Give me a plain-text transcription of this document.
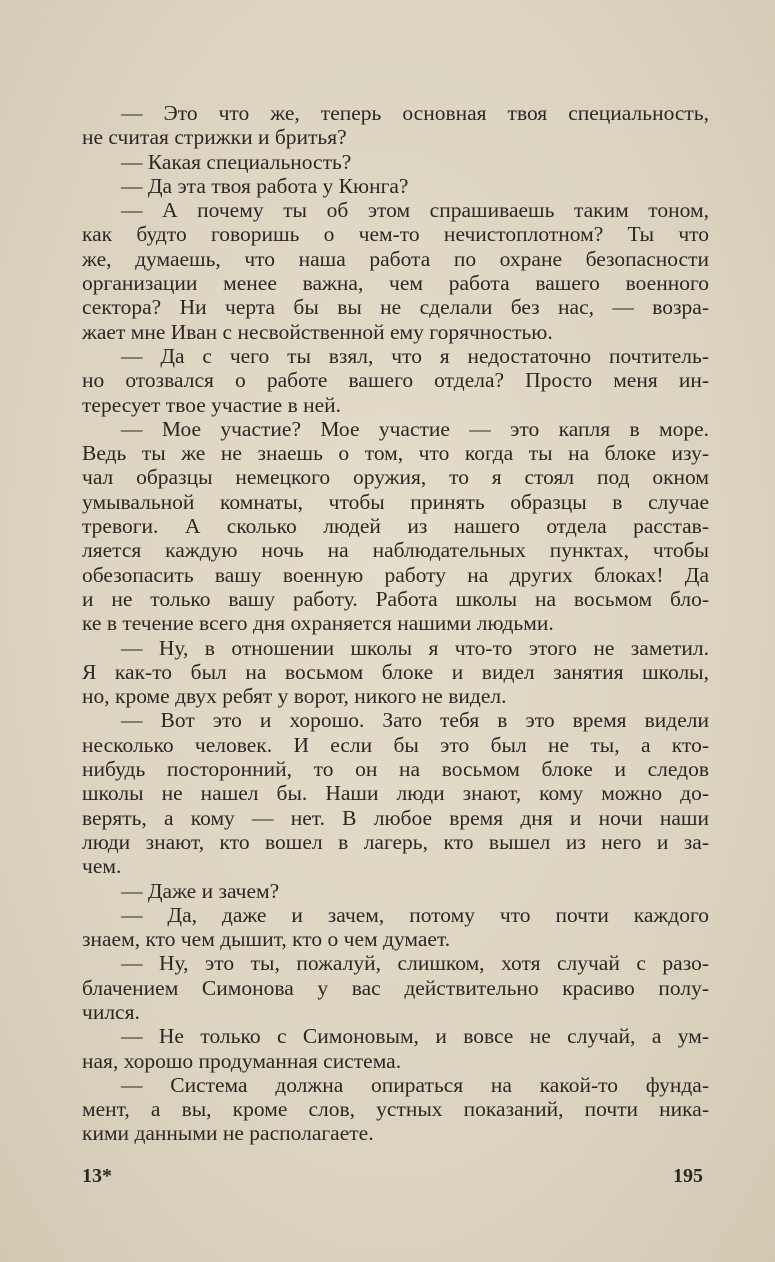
— Это что же, теперь основная твоя специальность,
не считая стрижки и бритья?
— Какая специальность?
— Да эта твоя работа у Кюнга?
— А почему ты об этом спрашиваешь таким тоном,
как будто говоришь о чем-то нечистоплотном? Ты что
же, думаешь, что наша работа по охране безопасности
организации менее важна, чем работа вашего военного
сектора? Ни черта бы вы не сделали без нас, — возра-
жает мне Иван с несвойственной ему горячностью.
— Да с чего ты взял, что я недостаточно почтитель-
но отозвался о работе вашего отдела? Просто меня ин-
тересует твое участие в ней.
— Мое участие? Мое участие — это капля в море.
Ведь ты же не знаешь о том, что когда ты на блоке изу-
чал образцы немецкого оружия, то я стоял под окном
умывальной комнаты, чтобы принять образцы в случае
тревоги. А сколько людей из нашего отдела расстав-
ляется каждую ночь на наблюдательных пунктах, чтобы
обезопасить вашу военную работу на других блоках! Да
и не только вашу работу. Работа школы на восьмом бло-
ке в течение всего дня охраняется нашими людьми.
— Ну, в отношении школы я что-то этого не заметил.
Я как-то был на восьмом блоке и видел занятия школы,
но, кроме двух ребят у ворот, никого не видел.
— Вот это и хорошо. Зато тебя в это время видели
несколько человек. И если бы это был не ты, а кто-
нибудь посторонний, то он на восьмом блоке и следов
школы не нашел бы. Наши люди знают, кому можно до-
верять, а кому — нет. В любое время дня и ночи наши
люди знают, кто вошел в лагерь, кто вышел из него и за-
чем.
— Даже и зачем?
— Да, даже и зачем, потому что почти каждого
знаем, кто чем дышит, кто о чем думает.
— Ну, это ты, пожалуй, слишком, хотя случай с разо-
блачением Симонова у вас действительно красиво полу-
чился.
— Не только с Симоновым, и вовсе не случай, а ум-
ная, хорошо продуманная система.
— Система должна опираться на какой-то фундa-
мент, а вы, кроме слов, устных показаний, почти ника-
кими данными не располагаете.
13*	195
